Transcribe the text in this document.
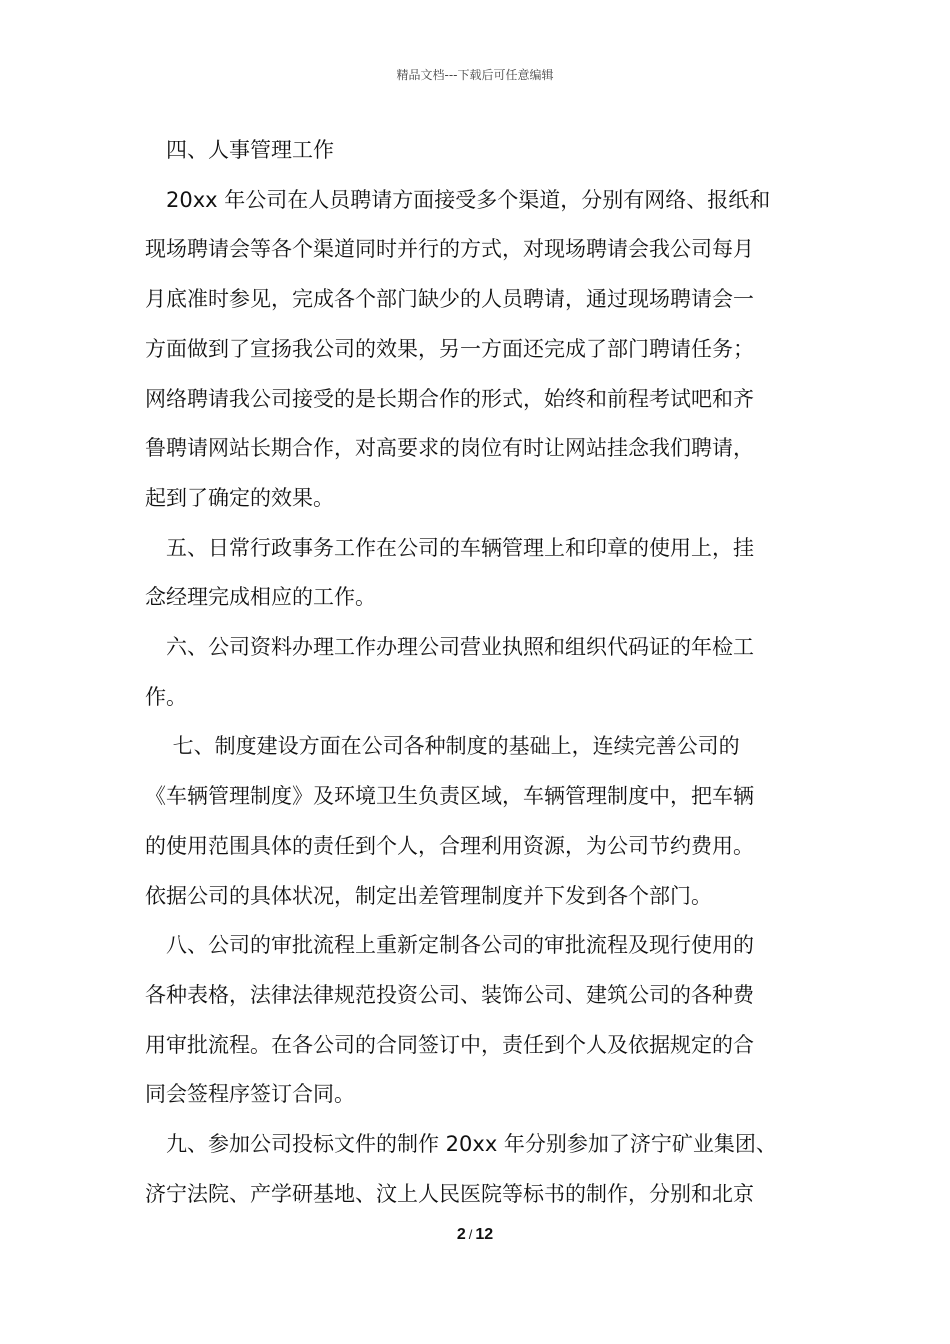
精品文档---下载后可任意编辑

　四、人事管理工作

　20xx 年公司在人员聘请方面接受多个渠道，分别有网络、报纸和

现场聘请会等各个渠道同时并行的方式，对现场聘请会我公司每月

月底准时参见，完成各个部门缺少的人员聘请，通过现场聘请会一

方面做到了宣扬我公司的效果，另一方面还完成了部门聘请任务；

网络聘请我公司接受的是长期合作的形式，始终和前程考试吧和齐

鲁聘请网站长期合作，对高要求的岗位有时让网站挂念我们聘请，

起到了确定的效果。

　五、日常行政事务工作在公司的车辆管理上和印章的使用上，挂

念经理完成相应的工作。

　六、公司资料办理工作办理公司营业执照和组织代码证的年检工

作。

　 七、制度建设方面在公司各种制度的基础上，连续完善公司的

《车辆管理制度》及环境卫生负责区域，车辆管理制度中，把车辆

的使用范围具体的责任到个人，合理利用资源，为公司节约费用。

依据公司的具体状况，制定出差管理制度并下发到各个部门。

　八、公司的审批流程上重新定制各公司的审批流程及现行使用的

各种表格，法律法律规范投资公司、装饰公司、建筑公司的各种费

用审批流程。在各公司的合同签订中，责任到个人及依据规定的合

同会签程序签订合同。

　九、参加公司投标文件的制作 20xx 年分别参加了济宁矿业集团、

济宁法院、产学研基地、汶上人民医院等标书的制作，分别和北京

2 / 12
